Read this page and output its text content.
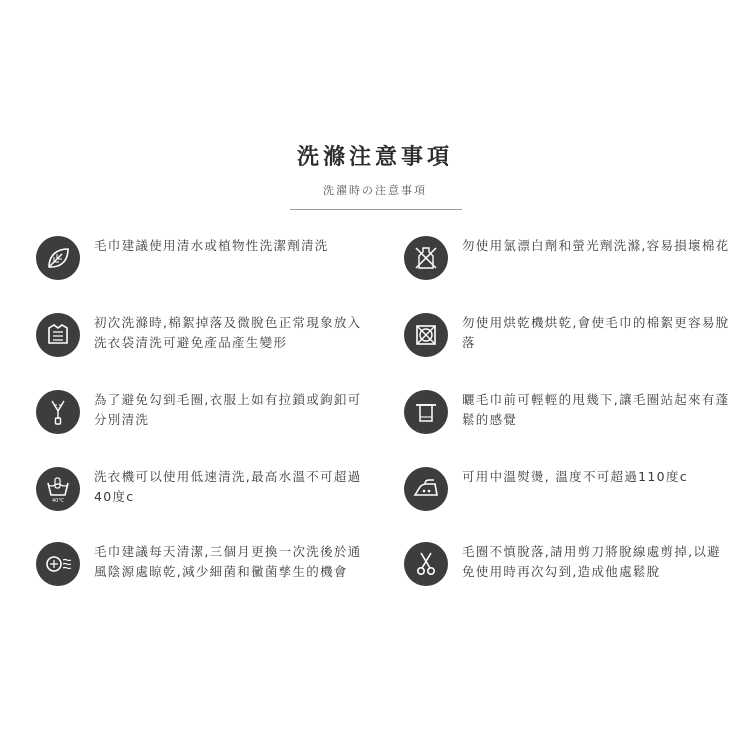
洗滌注意事項
洗濯時の注意事項
毛巾建議使用清水或植物性洗潔劑清洗
初次洗滌時,棉絮掉落及微脫色正常現象放入洗衣袋清洗可避免產品產生變形
為了避免勾到毛圈,衣服上如有拉鎖或鉤釦可分別清洗
40℃
洗衣機可以使用低速清洗,最高水溫不可超過40度c
毛巾建議每天清潔,三個月更換一次洗後於通風陰源處晾乾,減少細菌和黴菌孳生的機會
勿使用氯漂白劑和螢光劑洗滌,容易損壞棉花
勿使用烘乾機烘乾,會使毛巾的棉絮更容易脫落
曬毛巾前可輕輕的甩幾下,讓毛圈站起來有蓬鬆的感覺
可用中溫熨燙, 溫度不可超過110度c
毛圈不慎脫落,請用剪刀將脫線處剪掉,以避免使用時再次勾到,造成他處鬆脫
